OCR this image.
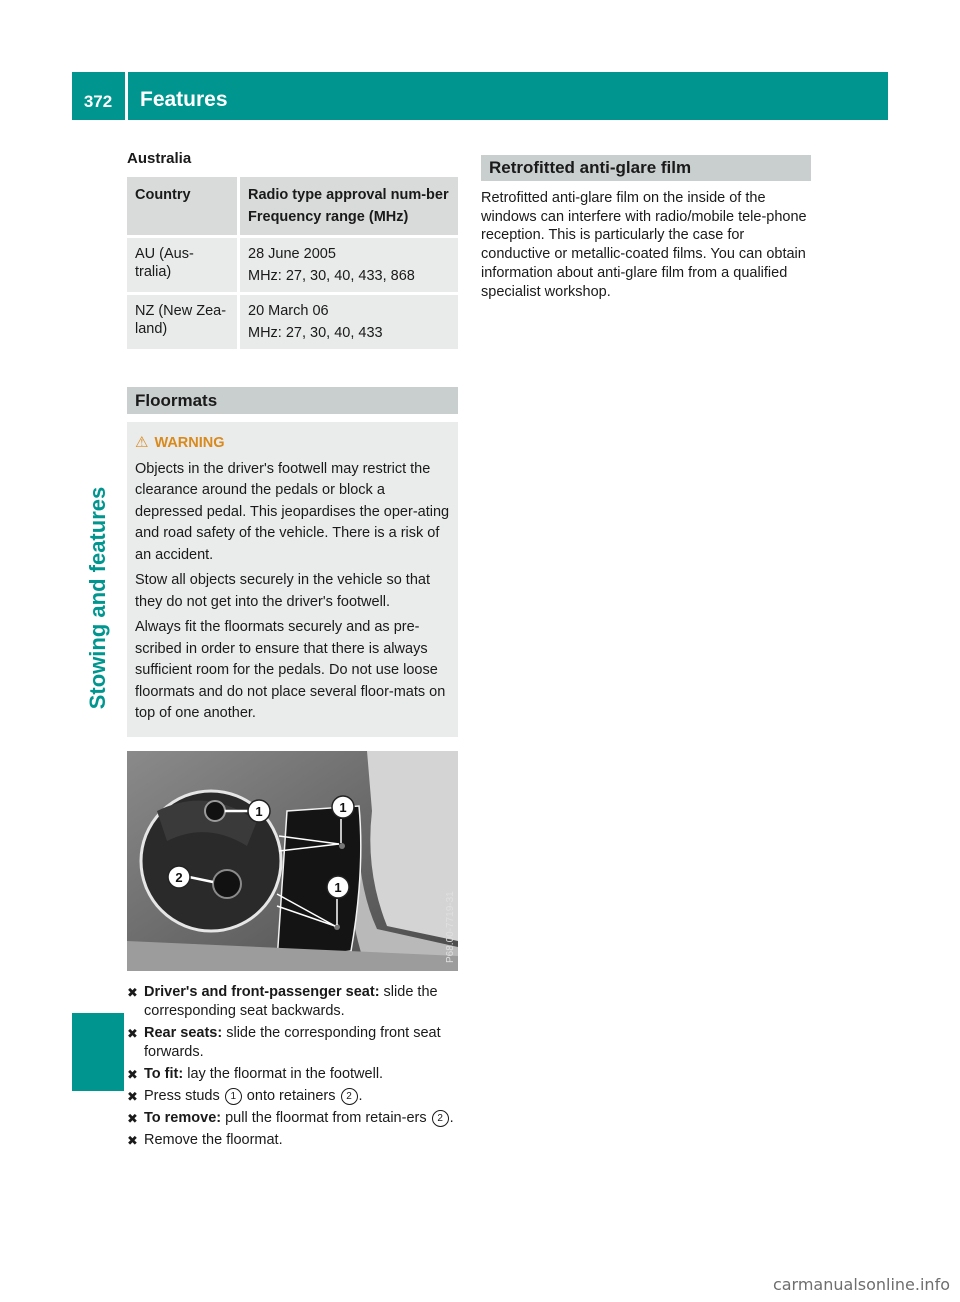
372	Features
Stowing and features
Australia
Country	Radio type approval num-ber
Frequency range (MHz)

AU (Aus-tralia)	28 June 2005
MHz: 27, 30, 40, 433, 868

NZ (New Zea-land)	20 March 06
MHz: 27, 30, 40, 433
Floormats
⚠ WARNING

Objects in the driver's footwell may restrict the clearance around the pedals or block a depressed pedal. This jeopardises the oper-ating and road safety of the vehicle. There is a risk of an accident.

Stow all objects securely in the vehicle so that they do not get into the driver's footwell.

Always fit the floormats securely and as pre-scribed in order to ensure that there is always sufficient room for the pedals. Do not use loose floormats and do not place several floor-mats on top of one another.

1	1
1
2
P68.00-7719-31
✖ Driver's and front-passenger seat: slide the corresponding seat backwards.
✖ Rear seats: slide the corresponding front seat forwards.
✖ To fit: lay the floormat in the footwell.
✖ Press studs 1 onto retainers 2 .
✖ To remove: pull the floormat from retain-ers 2 .
✖ Remove the floormat.
Retrofitted anti-glare film
Retrofitted anti-glare film on the inside of the windows can interfere with radio/mobile tele-phone reception. This is particularly the case for conductive or metallic-coated films. You can obtain information about anti-glare film from a qualified specialist workshop.
carmanualsonline.info
